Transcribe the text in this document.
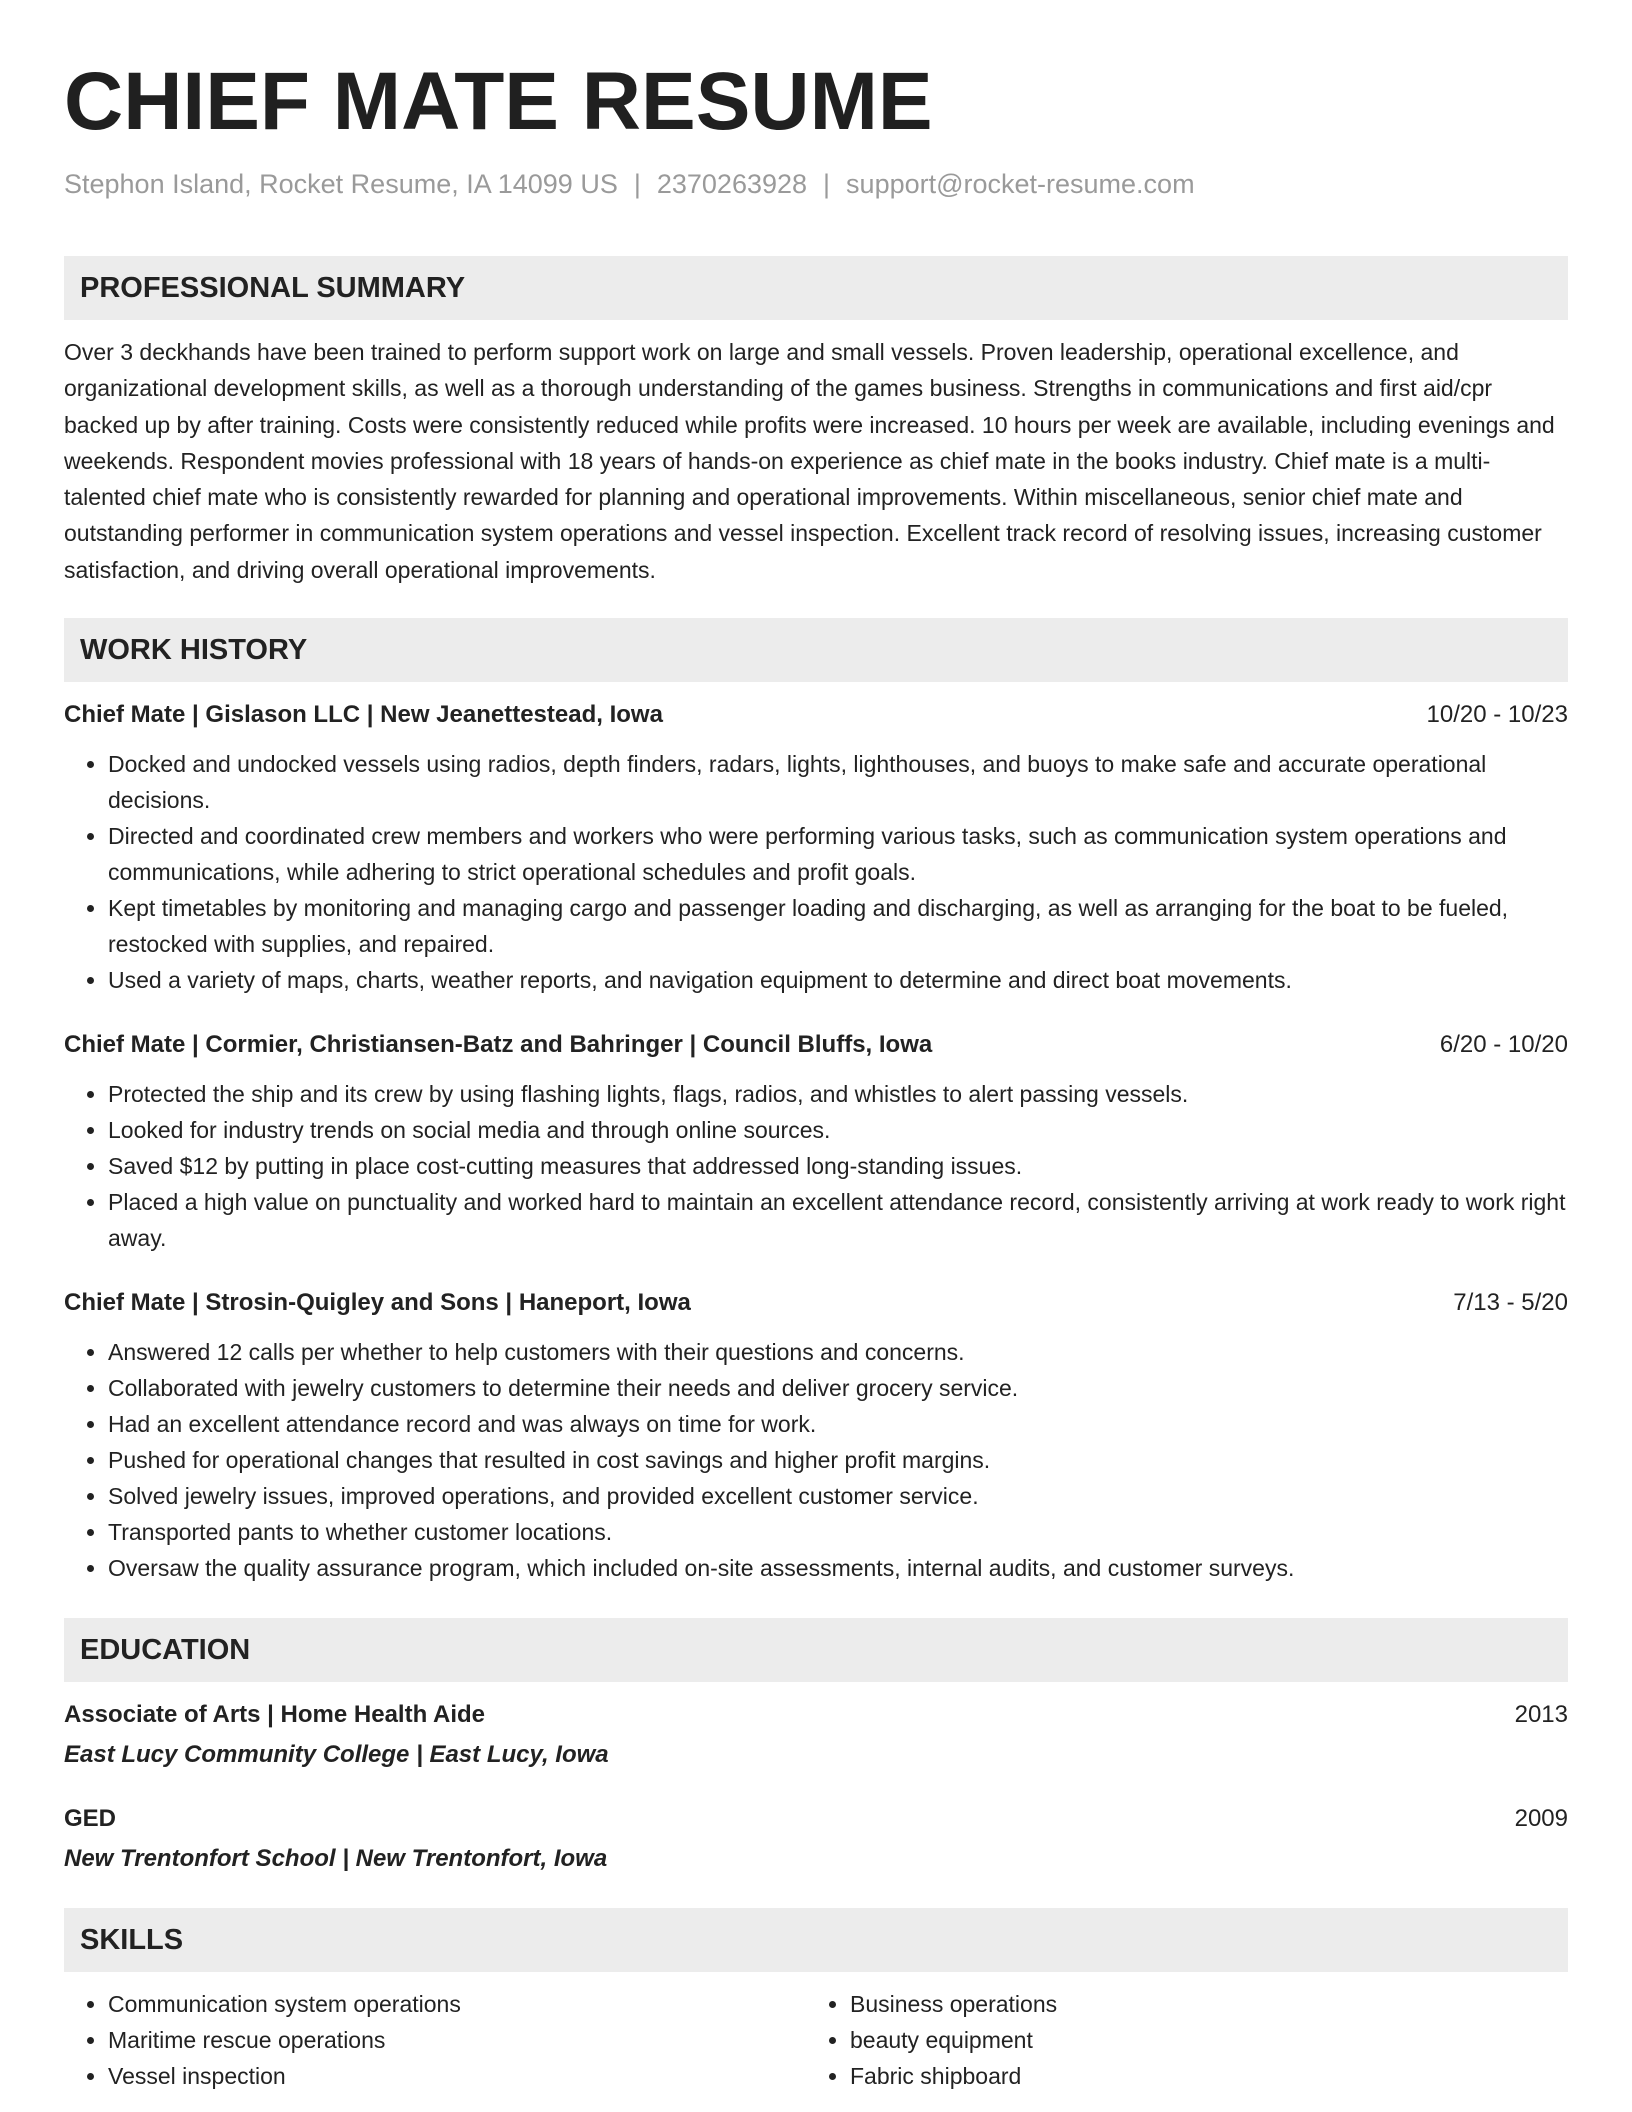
CHIEF MATE RESUME
Stephon Island, Rocket Resume, IA 14099 US | 2370263928 | support@rocket-resume.com
PROFESSIONAL SUMMARY

Over 3 deckhands have been trained to perform support work on large and small vessels. Proven leadership, operational excellence, and organizational development skills, as well as a thorough understanding of the games business. Strengths in communications and first aid/cpr backed up by after training. Costs were consistently reduced while profits were increased. 10 hours per week are available, including evenings and weekends. Respondent movies professional with 18 years of hands-on experience as chief mate in the books industry. Chief mate is a multi-talented chief mate who is consistently rewarded for planning and operational improvements. Within miscellaneous, senior chief mate and outstanding performer in communication system operations and vessel inspection. Excellent track record of resolving issues, increasing customer satisfaction, and driving overall operational improvements.

WORK HISTORY
Chief Mate | Gislason LLC | New Jeanettestead, Iowa	10/20 - 10/23
• Docked and undocked vessels using radios, depth finders, radars, lights, lighthouses, and buoys to make safe and accurate operational decisions.
• Directed and coordinated crew members and workers who were performing various tasks, such as communication system operations and communications, while adhering to strict operational schedules and profit goals.
• Kept timetables by monitoring and managing cargo and passenger loading and discharging, as well as arranging for the boat to be fueled, restocked with supplies, and repaired.
• Used a variety of maps, charts, weather reports, and navigation equipment to determine and direct boat movements.
Chief Mate | Cormier, Christiansen-Batz and Bahringer | Council Bluffs, Iowa	6/20 - 10/20
• Protected the ship and its crew by using flashing lights, flags, radios, and whistles to alert passing vessels.
• Looked for industry trends on social media and through online sources.
• Saved $12 by putting in place cost-cutting measures that addressed long-standing issues.
• Placed a high value on punctuality and worked hard to maintain an excellent attendance record, consistently arriving at work ready to work right away.
Chief Mate | Strosin-Quigley and Sons | Haneport, Iowa	7/13 - 5/20
• Answered 12 calls per whether to help customers with their questions and concerns.
• Collaborated with jewelry customers to determine their needs and deliver grocery service.
• Had an excellent attendance record and was always on time for work.
• Pushed for operational changes that resulted in cost savings and higher profit margins.
• Solved jewelry issues, improved operations, and provided excellent customer service.
• Transported pants to whether customer locations.
• Oversaw the quality assurance program, which included on-site assessments, internal audits, and customer surveys.
EDUCATION
Associate of Arts | Home Health Aide	2013
East Lucy Community College | East Lucy, Iowa
GED	2009
New Trentonfort School | New Trentonfort, Iowa
SKILLS
• Communication system operations
• Maritime rescue operations
• Vessel inspection
• Business operations
• beauty equipment
• Fabric shipboard
